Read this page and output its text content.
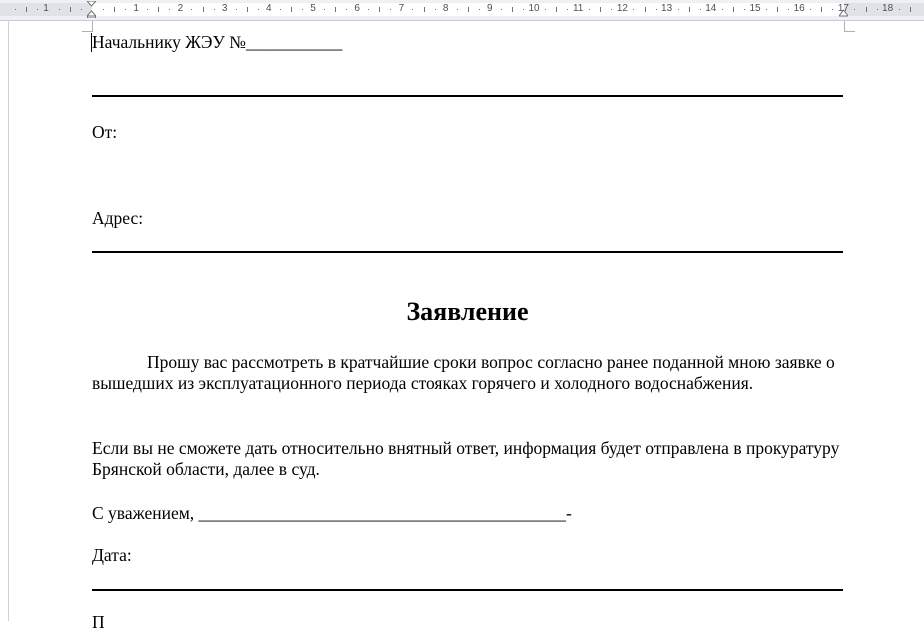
1	1	2	3	4	5	6	7	8	9	10	11	12	13	14	15	16	17	18
Начальнику ЖЭУ №___________
От:
Адрес:
Заявление
Прошу вас рассмотреть в кратчайшие сроки вопрос согласно ранее поданной мною заявке о вышедших из эксплуатационного периода стояках горячего и холодного водоснабжения.
Если вы не сможете дать относительно внятный ответ, информация будет отправлена в прокуратуру Брянской области, далее в суд.
С уважением, __________________________________________-
Дата:
П
